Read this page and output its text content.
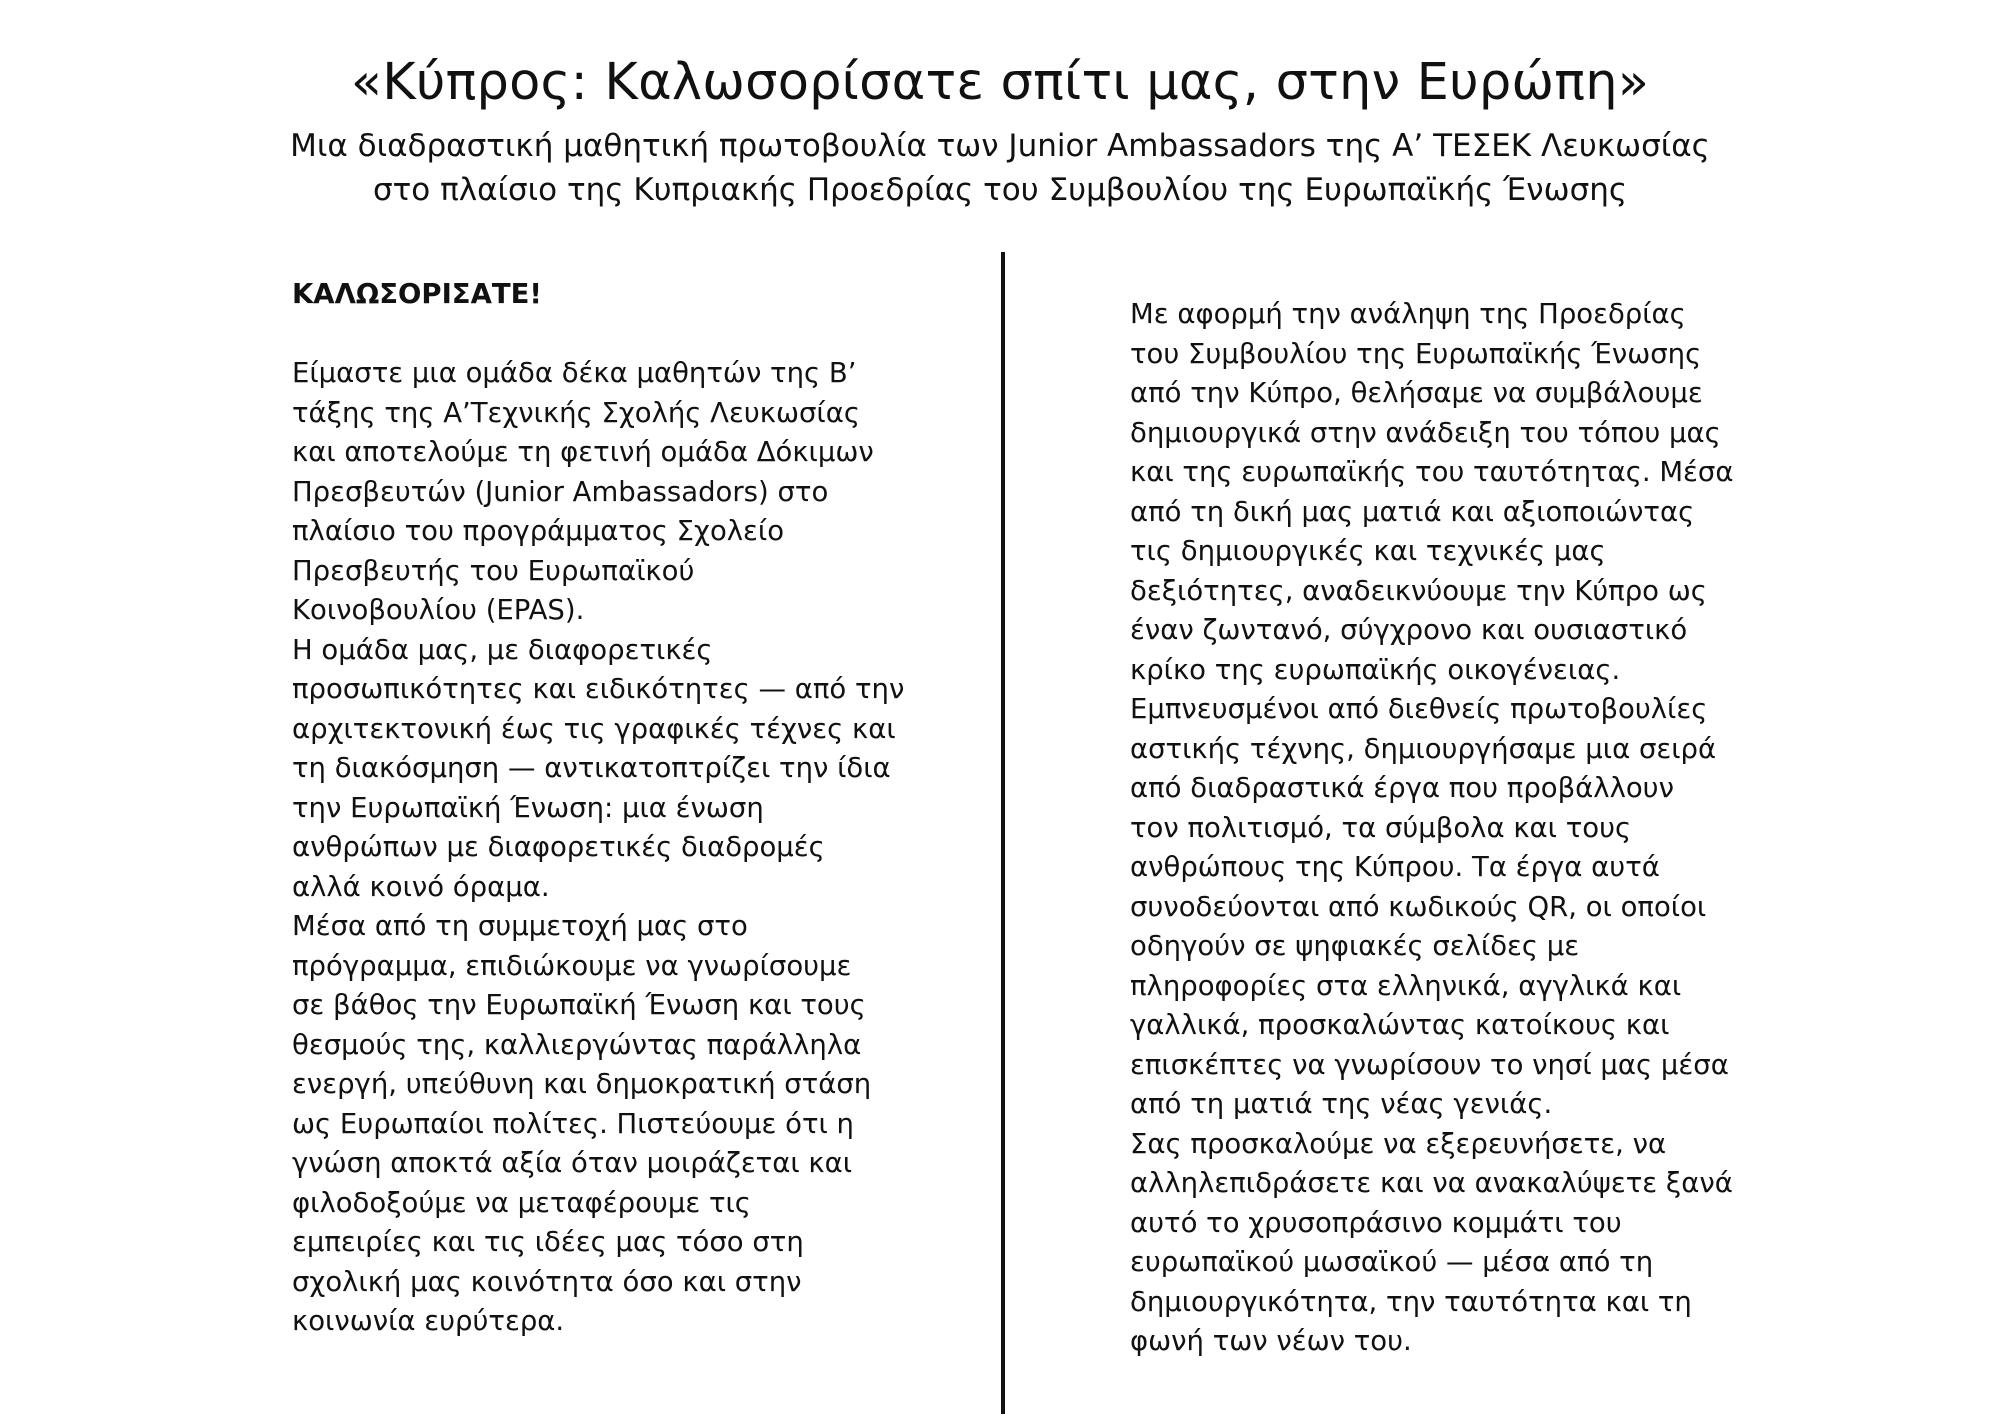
«Κύπρος: Καλωσορίσατε σπίτι μας, στην Ευρώπη»

Μια διαδραστική μαθητική πρωτοβουλία των Junior Ambassadors της Α’ ΤΕΣΕΚ Λευκωσίας
στο πλαίσιο της Κυπριακής Προεδρίας του Συμβουλίου της Ευρωπαϊκής Ένωσης

ΚΑΛΩΣΟΡΙΣΑΤΕ!
Είμαστε μια ομάδα δέκα μαθητών της Β’
τάξης της Α’Τεχνικής Σχολής Λευκωσίας
και αποτελούμε τη φετινή ομάδα Δόκιμων
Πρεσβευτών (Junior Ambassadors) στο
πλαίσιο του προγράμματος Σχολείο
Πρεσβευτής του Ευρωπαϊκού
Κοινοβουλίου (EPAS).
Η ομάδα μας, με διαφορετικές
προσωπικότητες και ειδικότητες — από την
αρχιτεκτονική έως τις γραφικές τέχνες και
τη διακόσμηση — αντικατοπτρίζει την ίδια
την Ευρωπαϊκή Ένωση: μια ένωση
ανθρώπων με διαφορετικές διαδρομές
αλλά κοινό όραμα.
Μέσα από τη συμμετοχή μας στο
πρόγραμμα, επιδιώκουμε να γνωρίσουμε
σε βάθος την Ευρωπαϊκή Ένωση και τους
θεσμούς της, καλλιεργώντας παράλληλα
ενεργή, υπεύθυνη και δημοκρατική στάση
ως Ευρωπαίοι πολίτες. Πιστεύουμε ότι η
γνώση αποκτά αξία όταν μοιράζεται και
φιλοδοξούμε να μεταφέρουμε τις
εμπειρίες και τις ιδέες μας τόσο στη
σχολική μας κοινότητα όσο και στην
κοινωνία ευρύτερα.
Με αφορμή την ανάληψη της Προεδρίας
του Συμβουλίου της Ευρωπαϊκής Ένωσης
από την Κύπρο, θελήσαμε να συμβάλουμε
δημιουργικά στην ανάδειξη του τόπου μας
και της ευρωπαϊκής του ταυτότητας. Μέσα
από τη δική μας ματιά και αξιοποιώντας
τις δημιουργικές και τεχνικές μας
δεξιότητες, αναδεικνύουμε την Κύπρο ως
έναν ζωντανό, σύγχρονο και ουσιαστικό
κρίκο της ευρωπαϊκής οικογένειας.
Εμπνευσμένοι από διεθνείς πρωτοβουλίες
αστικής τέχνης, δημιουργήσαμε μια σειρά
από διαδραστικά έργα που προβάλλουν
τον πολιτισμό, τα σύμβολα και τους
ανθρώπους της Κύπρου. Τα έργα αυτά
συνοδεύονται από κωδικούς QR, οι οποίοι
οδηγούν σε ψηφιακές σελίδες με
πληροφορίες στα ελληνικά, αγγλικά και
γαλλικά, προσκαλώντας κατοίκους και
επισκέπτες να γνωρίσουν το νησί μας μέσα
από τη ματιά της νέας γενιάς.
Σας προσκαλούμε να εξερευνήσετε, να
αλληλεπιδράσετε και να ανακαλύψετε ξανά
αυτό το χρυσοπράσινο κομμάτι του
ευρωπαϊκού μωσαϊκού — μέσα από τη
δημιουργικότητα, την ταυτότητα και τη
φωνή των νέων του.
